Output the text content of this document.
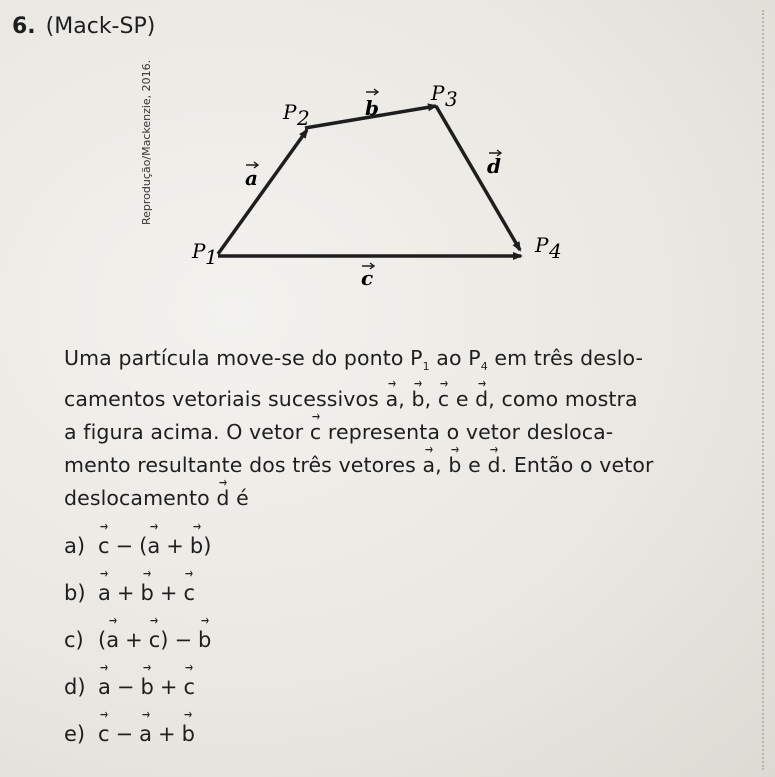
6. (Mack-SP)
Reprodução/Mackenzie, 2016.
P 1
P 2
P 3
P 4
a
b
c
d

Uma partícula move-se do ponto $P_1$ ao $P_4$ em três deslo-

camentos vetoriais sucessivos → a, → b, → c e → d, como mostra

a figura acima. O vetor → c representa o vetor desloca-

mento resultante dos três vetores → a, → b e → d. Então o vetor

deslocamento → d é

a) → c − (→ a + → b)
b) → a + → b + → c
c) (→ a + → c) − → b
d) → a − → b + → c
e) → c − → a + → b
